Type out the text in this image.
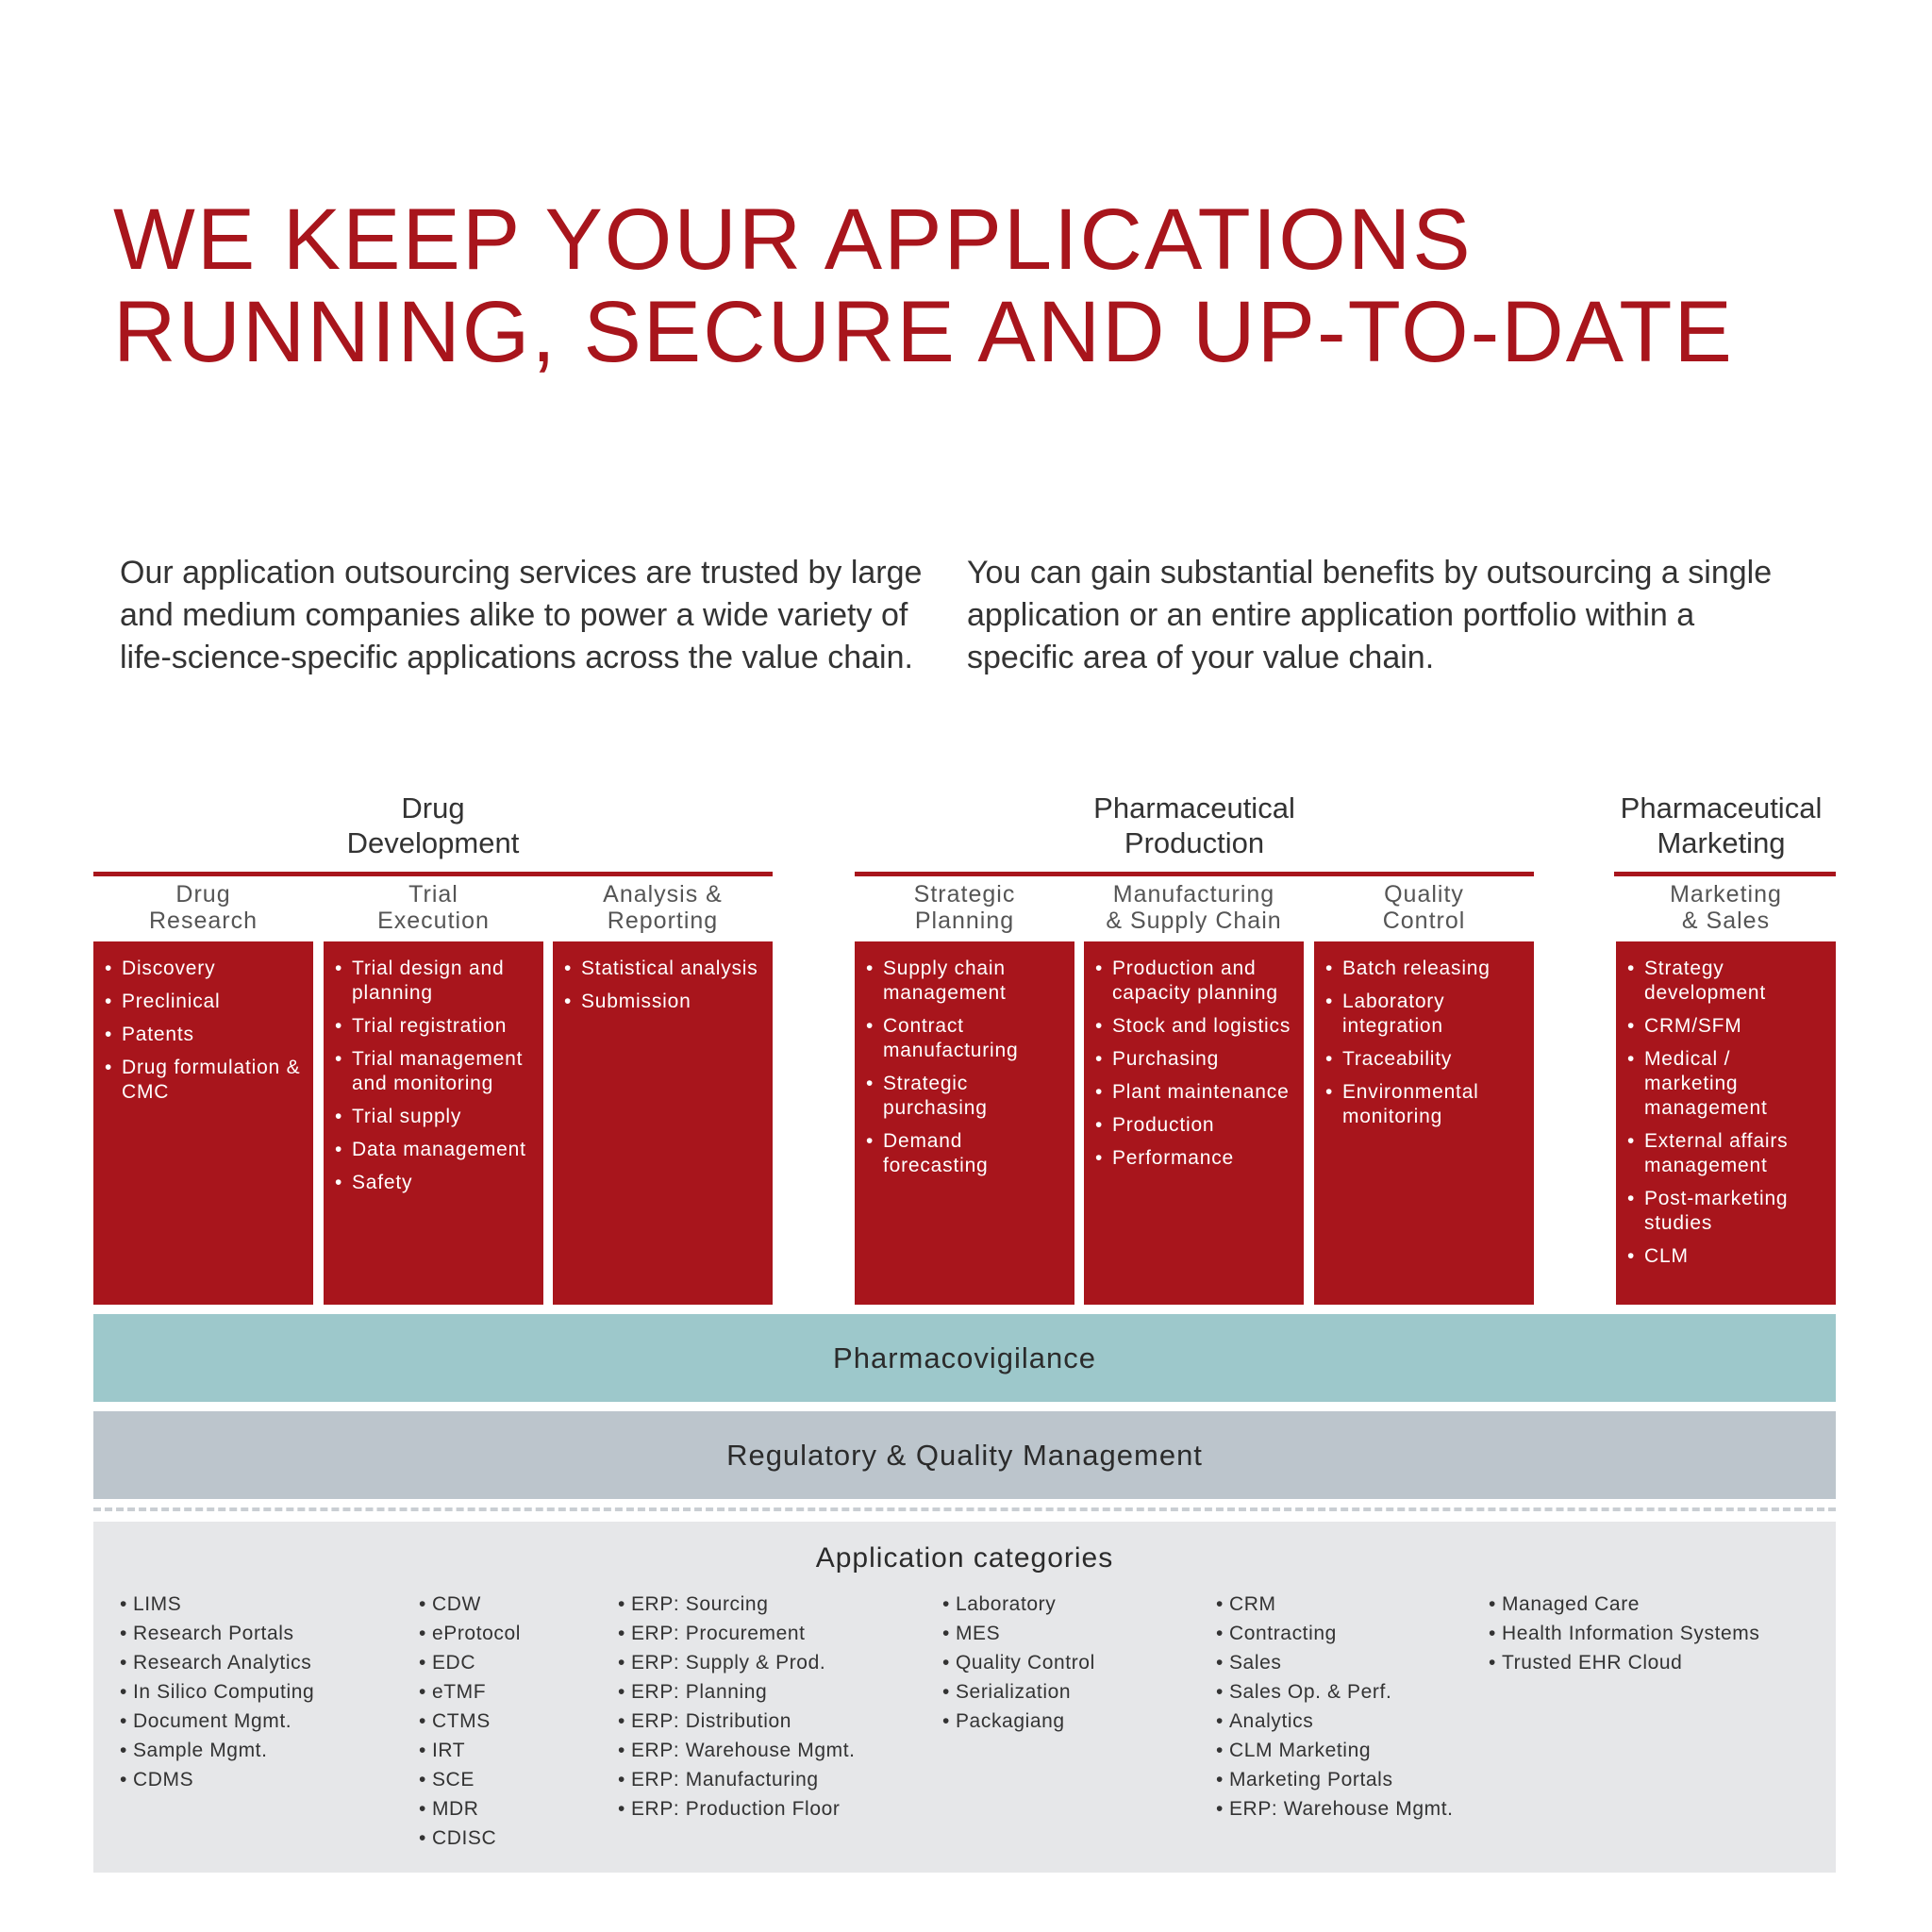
WE KEEP YOUR APPLICATIONS
RUNNING, SECURE AND UP-TO-DATE

Our application outsourcing services are trusted by large and medium companies alike to power a wide variety of life-science-specific applications across the value chain.

You can gain substantial benefits by outsourcing a single application or an entire application portfolio within a specific area of your value chain.

Drug
Development
Pharmaceutical
Production
Pharmaceutical
Marketing
Drug
Research
• Discovery
• Preclinical
• Patents
• Drug formulation & CMC
Trial
Execution
• Trial design and planning
• Trial registration
• Trial management and monitoring
• Trial supply
• Data management
• Safety
Analysis &
Reporting
• Statistical analysis
• Submission
Strategic
Planning
• Supply chain management
• Contract manufacturing
• Strategic purchasing
• Demand forecasting
Manufacturing
& Supply Chain
• Production and capacity planning
• Stock and logistics
• Purchasing
• Plant maintenance
• Production
• Performance
Quality
Control
• Batch releasing
• Laboratory integration
• Traceability
• Environmental monitoring
Marketing
& Sales
• Strategy development
• CRM/SFM
• Medical / marketing management
• External affairs management
• Post-marketing studies
• CLM
Pharmacovigilance
Regulatory & Quality Management
Application categories
• LIMS
• Research Portals
• Research Analytics
• In Silico Computing
• Document Mgmt.
• Sample Mgmt.
• CDMS
• CDW
• eProtocol
• EDC
• eTMF
• CTMS
• IRT
• SCE
• MDR
• CDISC
• ERP: Sourcing
• ERP: Procurement
• ERP: Supply & Prod.
• ERP: Planning
• ERP: Distribution
• ERP: Warehouse Mgmt.
• ERP: Manufacturing
• ERP: Production Floor
• Laboratory
• MES
• Quality Control
• Serialization
• Packagiang
• CRM
• Contracting
• Sales
• Sales Op. & Perf.
• Analytics
• CLM Marketing
• Marketing Portals
• ERP: Warehouse Mgmt.
• Managed Care
• Health Information Systems
• Trusted EHR Cloud
